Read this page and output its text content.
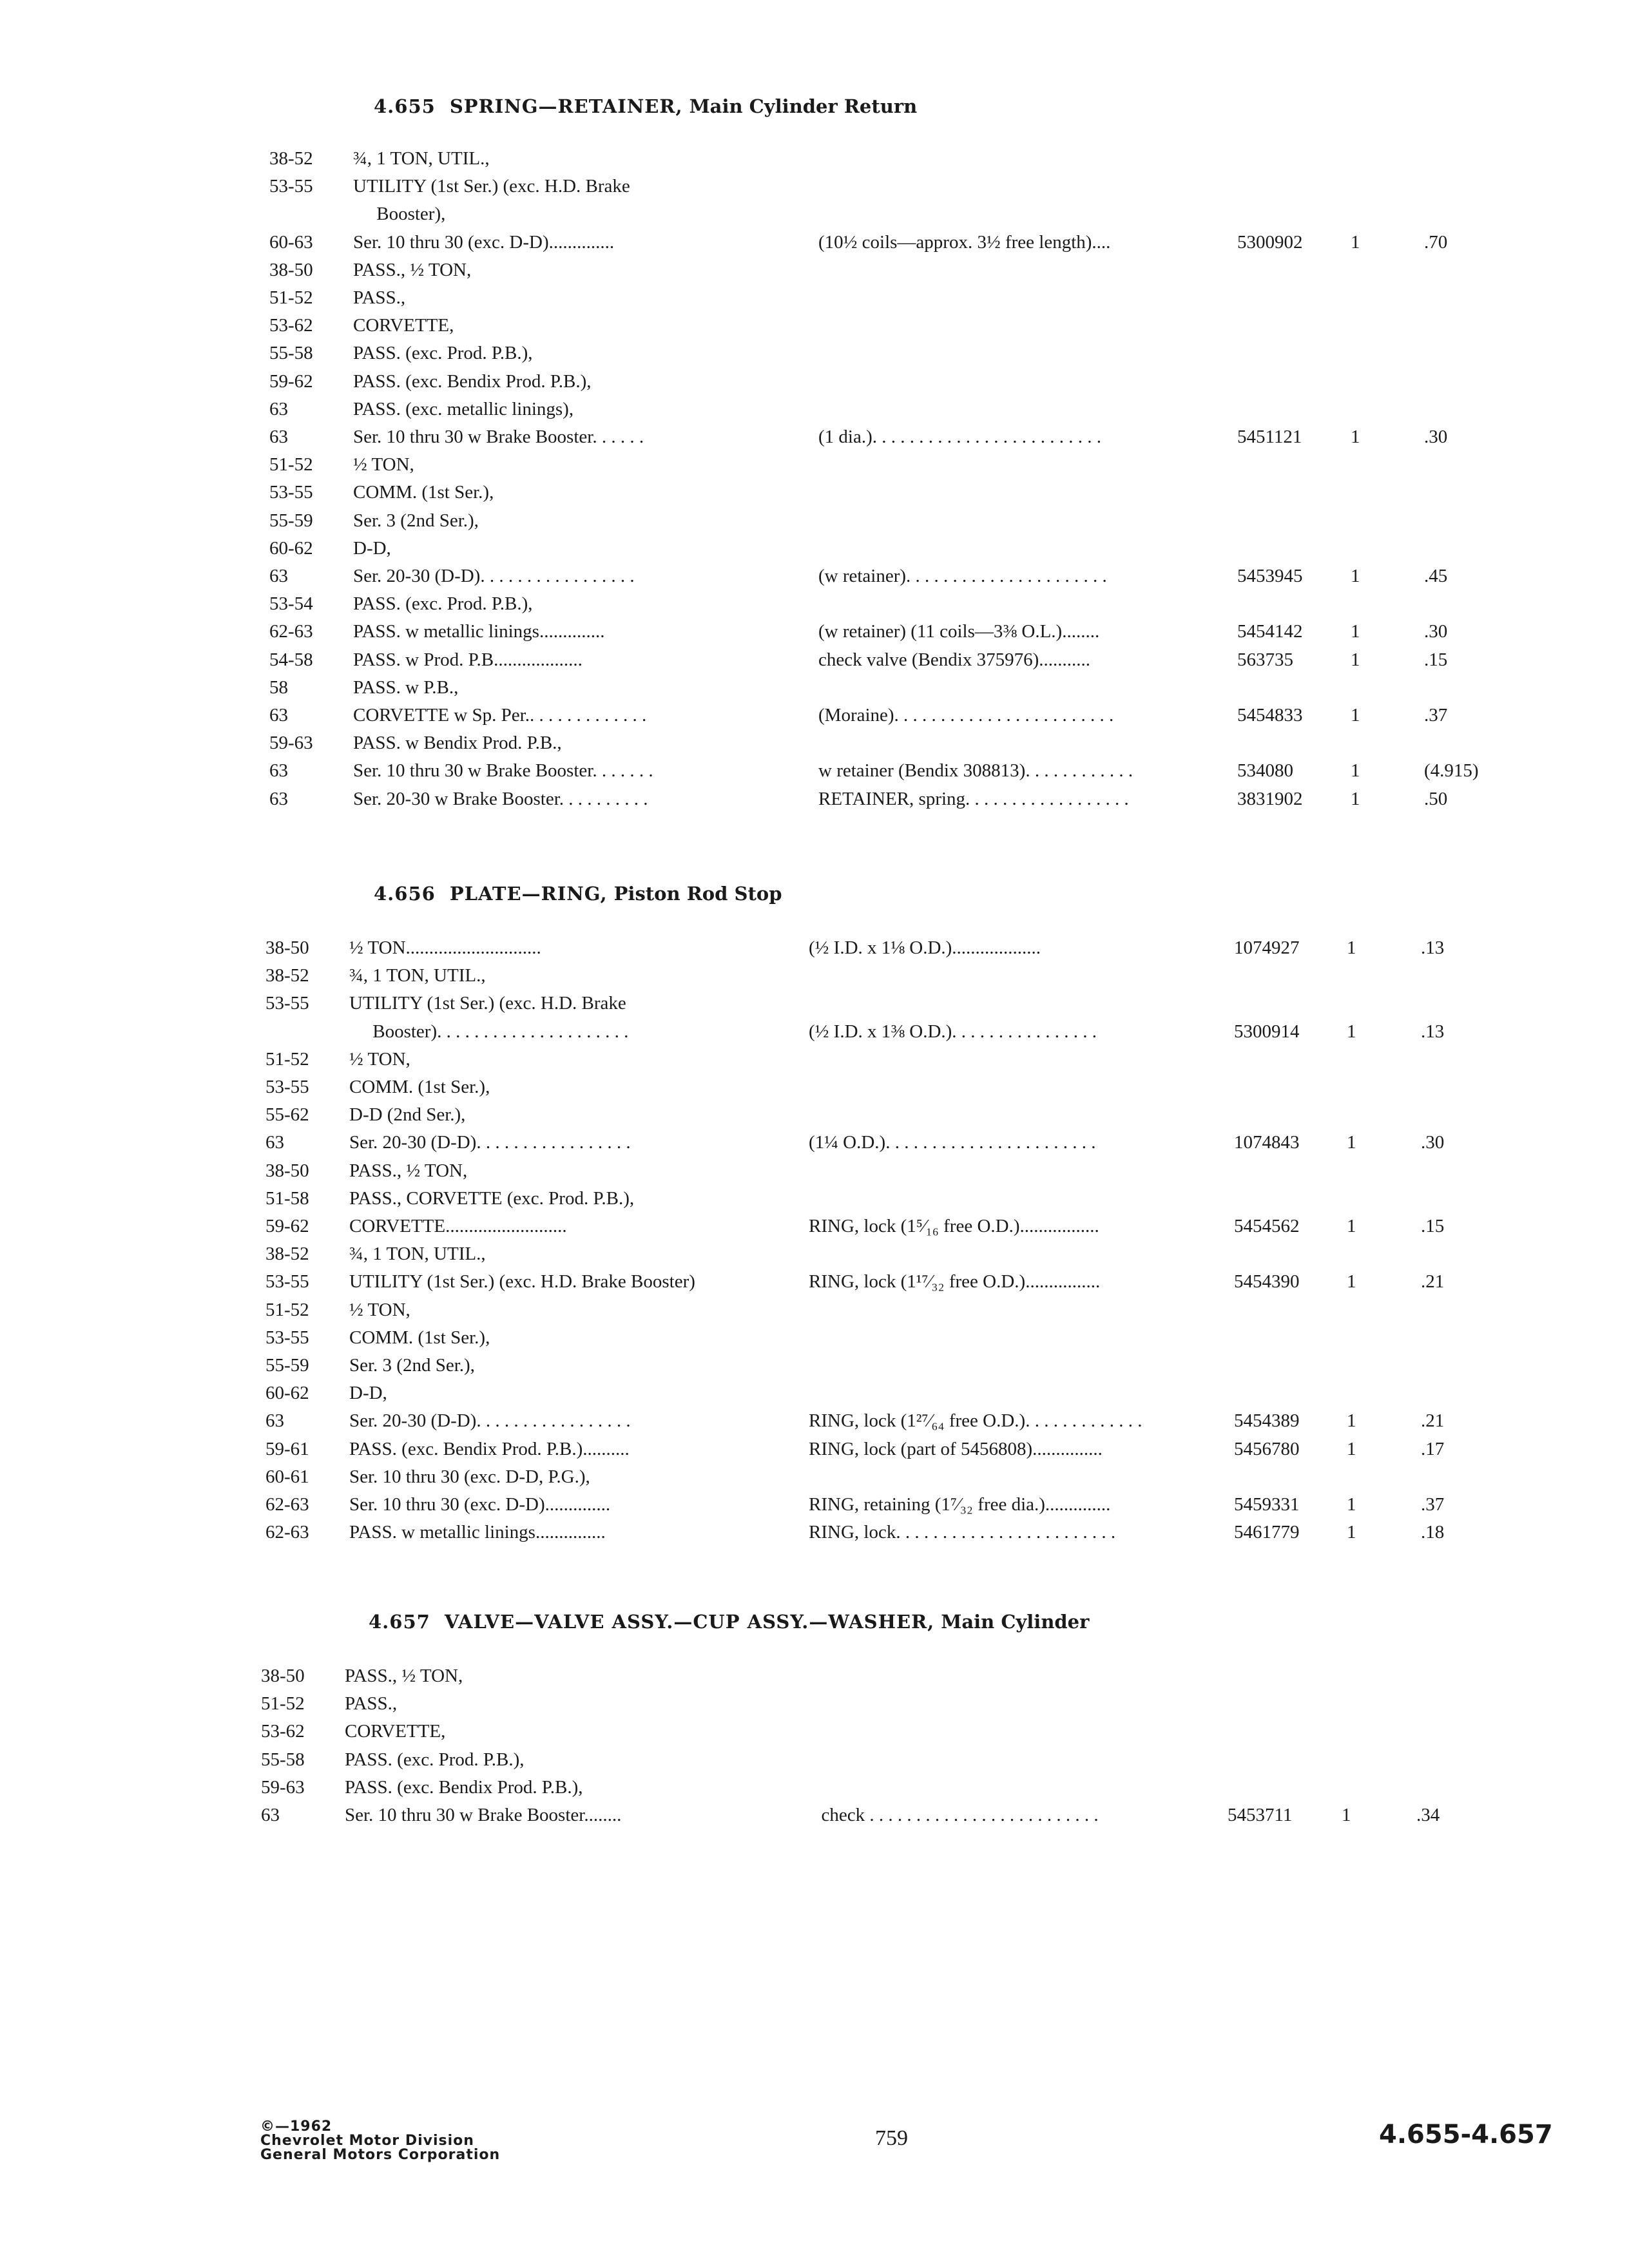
4.655 SPRING—RETAINER, Main Cylinder Return
38-52 ¾, 1 TON, UTIL.,
53-55 UTILITY (1st Ser.) (exc. H.D. Brake
Booster),
60-63 Ser. 10 thru 30 (exc. D-D)..............	(10½ coils—approx. 3½ free length)....	5300902	1	.70
38-50 PASS., ½ TON,
51-52 PASS.,
53-62 CORVETTE,
55-58 PASS. (exc. Prod. P.B.),
59-62 PASS. (exc. Bendix Prod. P.B.),
63	PASS. (exc. metallic linings),
63	Ser. 10 thru 30 w Brake Booster. . . . . .	(1 dia.). . . . . . . . . . . . . . . . . . . . . . . . .	5451121	1	.30
51-52 ½ TON,
53-55 COMM. (1st Ser.),
55-59 Ser. 3 (2nd Ser.),
60-62 D-D,
63	Ser. 20-30 (D-D). . . . . . . . . . . . . . . . .	(w retainer). . . . . . . . . . . . . . . . . . . . . .	5453945	1	.45
53-54 PASS. (exc. Prod. P.B.),
62-63 PASS. w metallic linings..............	(w retainer) (11 coils—3⅜ O.L.)........	5454142	1	.30
54-58 PASS. w Prod. P.B...................	check valve (Bendix 375976)...........	563735	1	.15
58	PASS. w P.B.,
63	CORVETTE w Sp. Per.. . . . . . . . . . . . .	(Moraine). . . . . . . . . . . . . . . . . . . . . . . .	5454833	1	.37
59-63 PASS. w Bendix Prod. P.B.,
63	Ser. 10 thru 30 w Brake Booster. . . . . . .	w retainer (Bendix 308813). . . . . . . . . . . .	534080	1	(4.915)
63	Ser. 20-30 w Brake Booster. . . . . . . . . .	RETAINER, spring. . . . . . . . . . . . . . . . . .	3831902	1	.50
4.656 PLATE—RING, Piston Rod Stop
38-50 ½ TON.............................	(½ I.D. x 1⅛ O.D.)...................	1074927	1	.13
38-52 ¾, 1 TON, UTIL.,
53-55 UTILITY (1st Ser.) (exc. H.D. Brake
Booster). . . . . . . . . . . . . . . . . . . . .	(½ I.D. x 1⅜ O.D.). . . . . . . . . . . . . . . .	5300914	1	.13
51-52 ½ TON,
53-55 COMM. (1st Ser.),
55-62 D-D (2nd Ser.),
63	Ser. 20-30 (D-D). . . . . . . . . . . . . . . . .	(1¼ O.D.). . . . . . . . . . . . . . . . . . . . . . .	1074843	1	.30
38-50 PASS., ½ TON,
51-58 PASS., CORVETTE (exc. Prod. P.B.),
59-62 CORVETTE..........................	RING, lock (1⁵⁄₁₆ free O.D.).................	5454562	1	.15
38-52 ¾, 1 TON, UTIL.,
53-55 UTILITY (1st Ser.) (exc. H.D. Brake Booster)	RING, lock (1¹⁷⁄₃₂ free O.D.)................	5454390	1	.21
51-52 ½ TON,
53-55 COMM. (1st Ser.),
55-59 Ser. 3 (2nd Ser.),
60-62 D-D,
63	Ser. 20-30 (D-D). . . . . . . . . . . . . . . . .	RING, lock (1²⁷⁄₆₄ free O.D.). . . . . . . . . . . . .	5454389	1	.21
59-61 PASS. (exc. Bendix Prod. P.B.)..........	RING, lock (part of 5456808)...............	5456780	1	.17
60-61 Ser. 10 thru 30 (exc. D-D, P.G.),
62-63 Ser. 10 thru 30 (exc. D-D)..............	RING, retaining (1⁷⁄₃₂ free dia.)..............	5459331	1	.37
62-63 PASS. w metallic linings...............	RING, lock. . . . . . . . . . . . . . . . . . . . . . . .	5461779	1	.18
4.657 VALVE—VALVE ASSY.—CUP ASSY.—WASHER, Main Cylinder
38-50 PASS., ½ TON,
51-52 PASS.,
53-62 CORVETTE,
55-58 PASS. (exc. Prod. P.B.),
59-63 PASS. (exc. Bendix Prod. P.B.),
63	Ser. 10 thru 30 w Brake Booster........	check . . . . . . . . . . . . . . . . . . . . . . . . .	5453711	1	.34
©—1962
Chevrolet Motor Division
General Motors Corporation
759	4.655-4.657
